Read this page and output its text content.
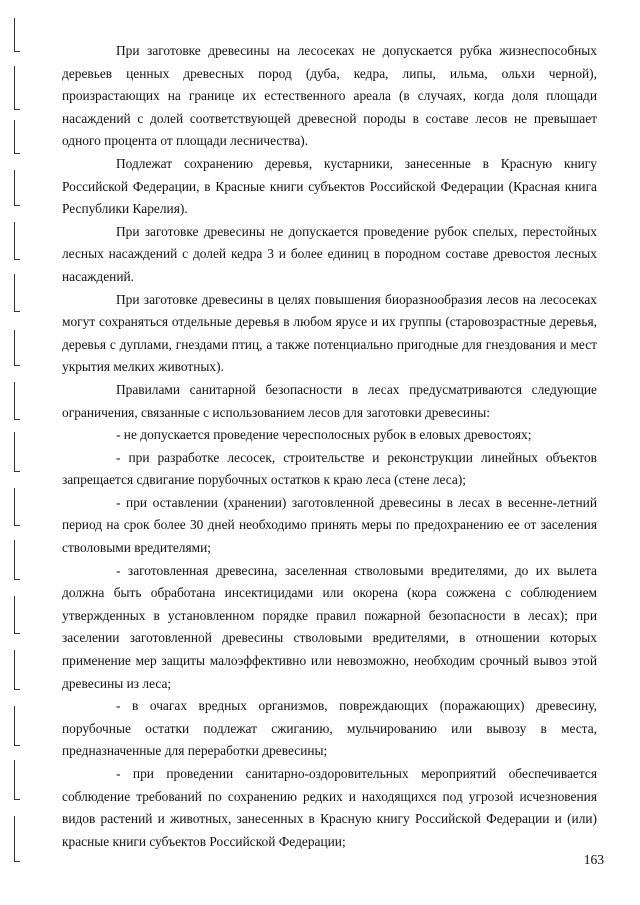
При заготовке древесины на лесосеках не допускается рубка жизнеспособных деревьев ценных древесных пород (дуба, кедра, липы, ильма, ольхи черной), произрастающих на границе их естественного ареала (в случаях, когда доля площади насаждений с долей соответствующей древесной породы в составе лесов не превышает одного процента от площади лесничества).

Подлежат сохранению деревья, кустарники, занесенные в Красную книгу Российской Федерации, в Красные книги субъектов Российской Федерации (Красная книга Республики Карелия).

При заготовке древесины не допускается проведение рубок спелых, перестойных лесных насаждений с долей кедра 3 и более единиц в породном составе древостоя лесных насаждений.

При заготовке древесины в целях повышения биоразнообразия лесов на лесосеках могут сохраняться отдельные деревья в любом ярусе и их группы (старовозрастные деревья, деревья с дуплами, гнездами птиц, а также потенциально пригодные для гнездования и мест укрытия мелких животных).

Правилами санитарной безопасности в лесах предусматриваются следующие ограничения, связанные с использованием лесов для заготовки древесины:

- не допускается проведение чересполосных рубок в еловых древостоях;

- при разработке лесосек, строительстве и реконструкции линейных объектов запрещается сдвигание порубочных остатков к краю леса (стене леса);

- при оставлении (хранении) заготовленной древесины в лесах в весенне-летний период на срок более 30 дней необходимо принять меры по предохранению ее от заселения стволовыми вредителями;

- заготовленная древесина, заселенная стволовыми вредителями, до их вылета должна быть обработана инсектицидами или окорена (кора сожжена с соблюдением утвержденных в установленном порядке правил пожарной безопасности в лесах); при заселении заготовленной древесины стволовыми вредителями, в отношении которых применение мер защиты малоэффективно или невозможно, необходим срочный вывоз этой древесины из леса;

- в очагах вредных организмов, повреждающих (поражающих) древесину, порубочные остатки подлежат сжиганию, мульчированию или вывозу в места, предназначенные для переработки древесины;

- при проведении санитарно-оздоровительных мероприятий обеспечивается соблюдение требований по сохранению редких и находящихся под угрозой исчезновения видов растений и животных, занесенных в Красную книгу Российской Федерации и (или) красные книги субъектов Российской Федерации;

163
